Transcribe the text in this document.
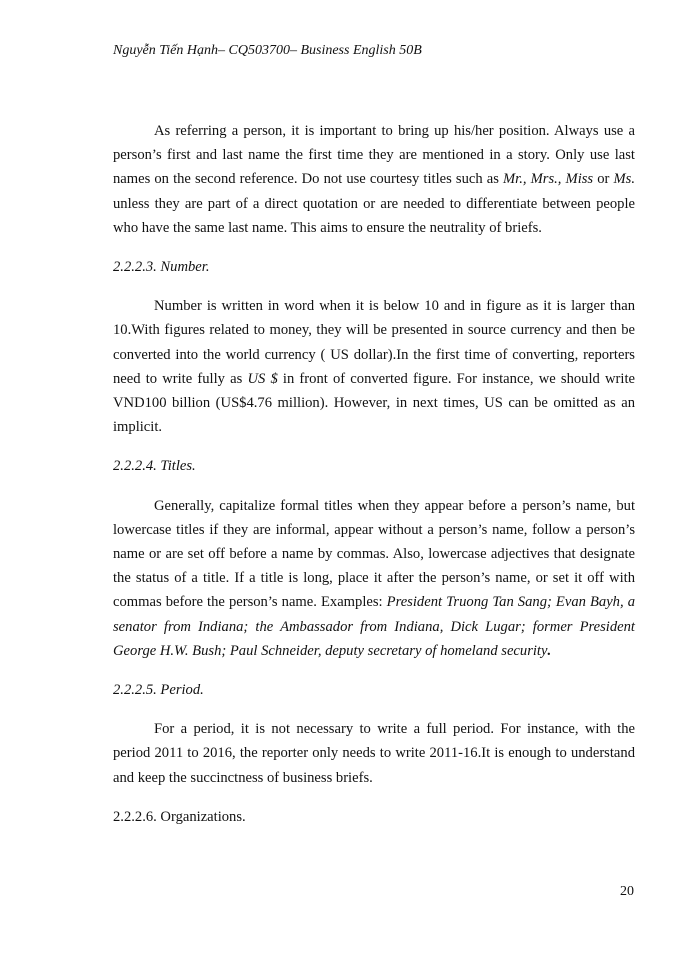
Nguyễn Tiến Hạnh– CQ503700– Business English 50B

As referring a person, it is important to bring up his/her position. Always use a person’s first and last name the first time they are mentioned in a story. Only use last names on the second reference. Do not use courtesy titles such as Mr., Mrs., Miss or Ms. unless they are part of a direct quotation or are needed to differentiate between people who have the same last name. This aims to ensure the neutrality of briefs.

2.2.2.3. Number.

Number is written in word when it is below 10 and in figure as it is larger than 10.With figures related to money, they will be presented in source currency and then be converted into the world currency ( US dollar).In the first time of converting, reporters need to write fully as US $ in front of converted figure. For instance, we should write VND100 billion (US$4.76 million). However, in next times, US can be omitted as an implicit.

2.2.2.4. Titles.

Generally, capitalize formal titles when they appear before a person’s name, but lowercase titles if they are informal, appear without a person’s name, follow a person’s name or are set off before a name by commas. Also, lowercase adjectives that designate the status of a title. If a title is long, place it after the person’s name, or set it off with commas before the person’s name. Examples: President Truong Tan Sang; Evan Bayh, a senator from Indiana; the Ambassador from Indiana, Dick Lugar; former President George H.W. Bush; Paul Schneider, deputy secretary of homeland security.

2.2.2.5. Period.

For a period, it is not necessary to write a full period. For instance, with the period 2011 to 2016, the reporter only needs to write 2011-16.It is enough to understand and keep the succinctness of business briefs.

2.2.2.6. Organizations.

20
